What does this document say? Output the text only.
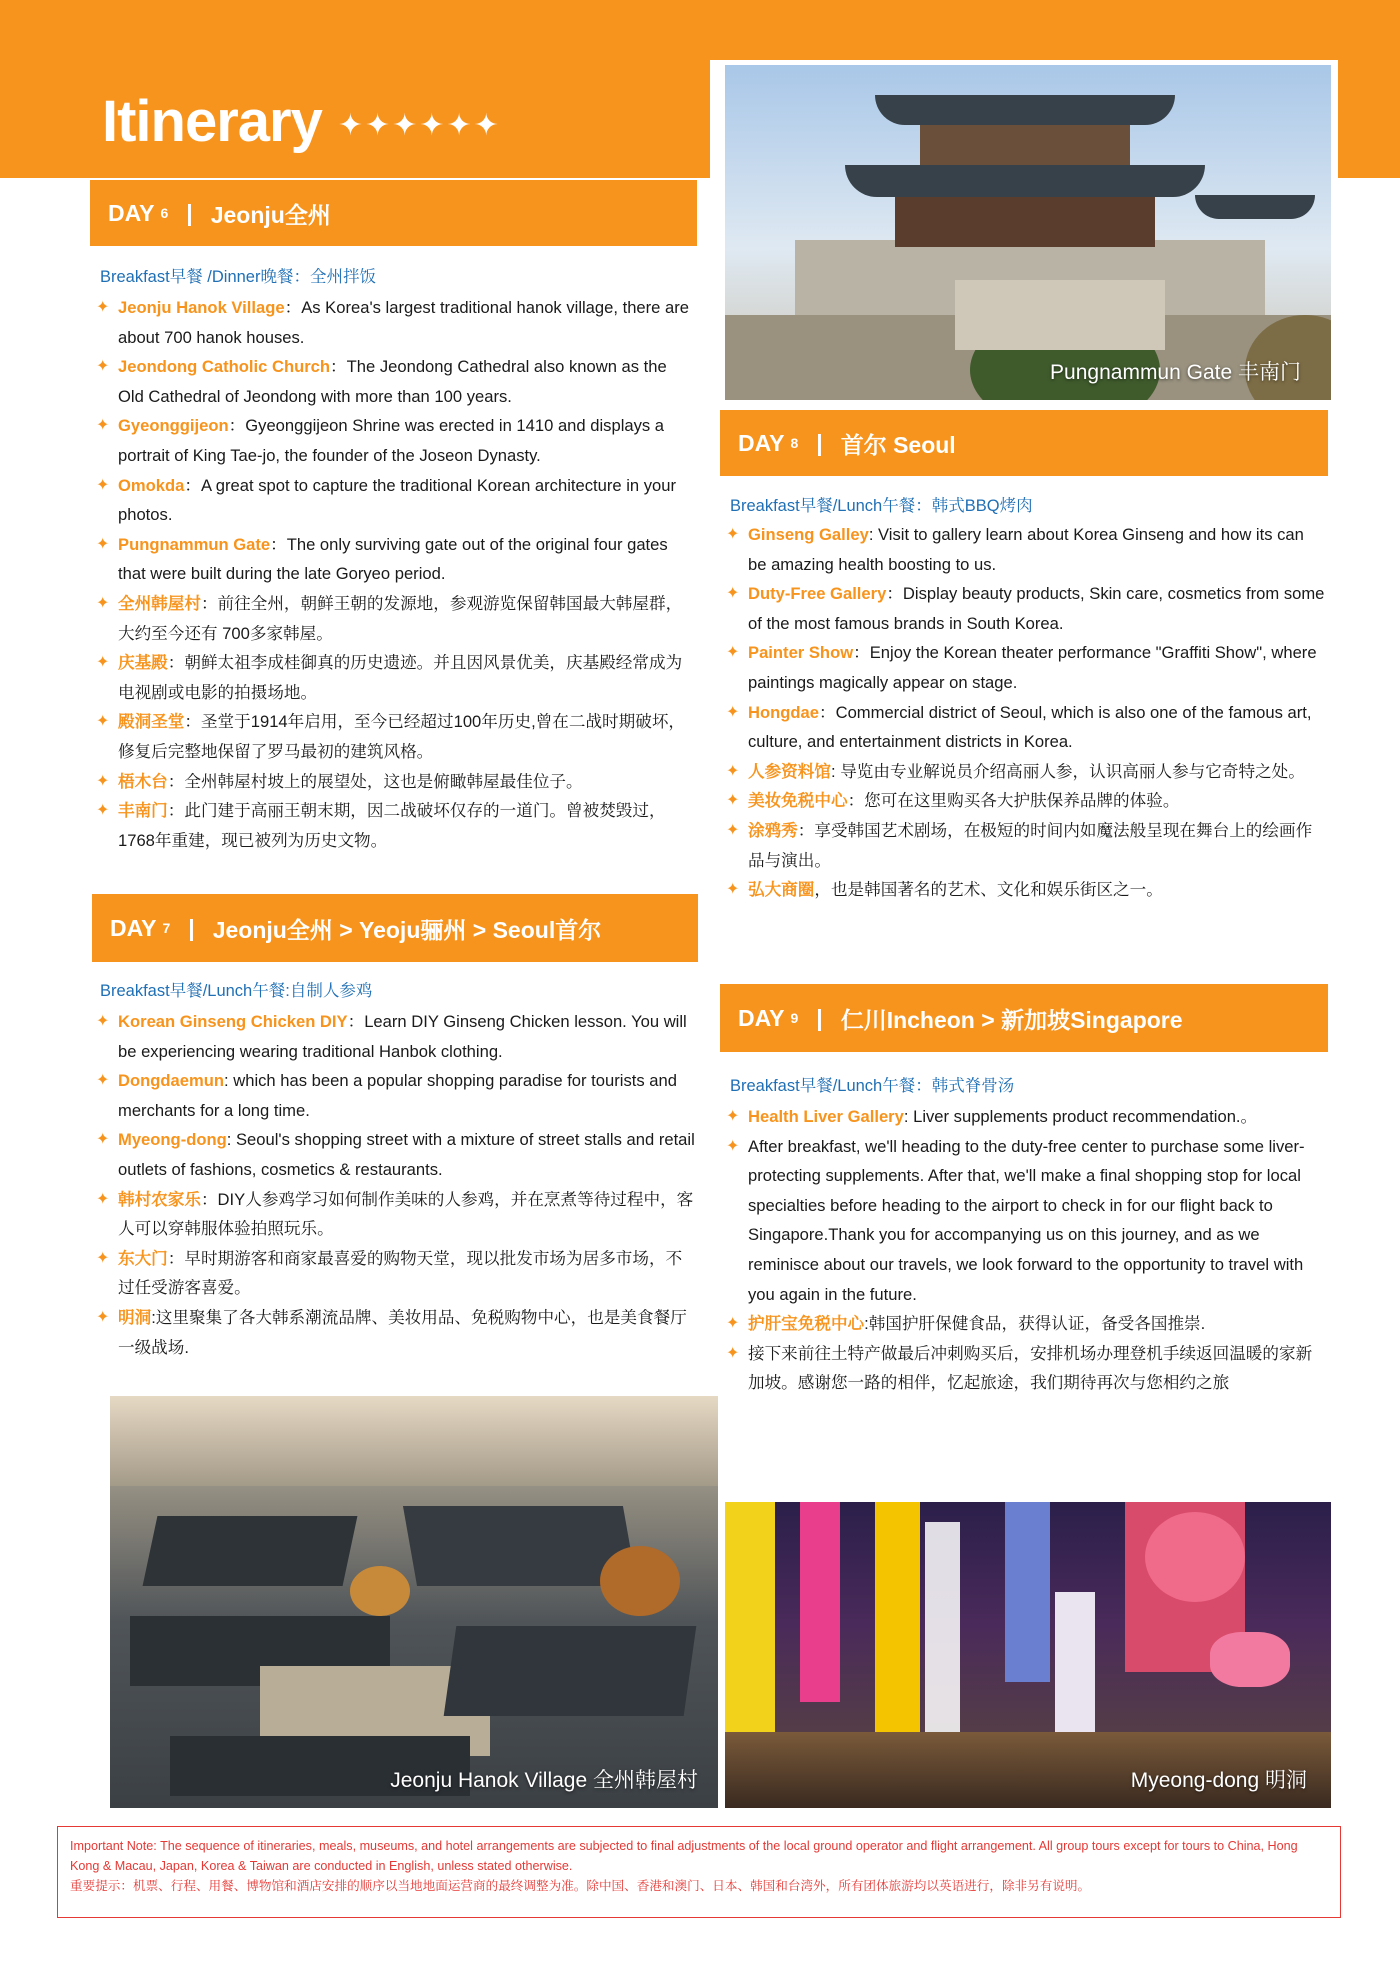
Itinerary ✦✦✦✦✦✦
Pungnammun Gate 丰南门
DAY 6 | Jeonju全州
Breakfast早餐 /Dinner晚餐：全州拌饭
✦ Jeonju Hanok Village：As Korea's largest traditional hanok village, there are about 700 hanok houses.
✦ Jeondong Catholic Church：The Jeondong Cathedral also known as the Old Cathedral of Jeondong with more than 100 years.
✦ Gyeonggijeon：Gyeonggijeon Shrine was erected in 1410 and displays a portrait of King Tae-jo, the founder of the Joseon Dynasty.
✦ Omokda：A great spot to capture the traditional Korean architecture in your photos.
✦ Pungnammun Gate：The only surviving gate out of the original four gates that were built during the late Goryeo period.
✦ 全州韩屋村：前往全州，朝鲜王朝的发源地，参观游览保留韩国最大韩屋群，大约至今还有 700多家韩屋。
✦ 庆基殿：朝鲜太祖李成桂御真的历史遗迹。并且因风景优美，庆基殿经常成为电视剧或电影的拍摄场地。
✦ 殿洞圣堂：圣堂于1914年启用，至今已经超过100年历史,曾在二战时期破坏，修复后完整地保留了罗马最初的建筑风格。
✦ 梧木台：全州韩屋村坡上的展望处，这也是俯瞰韩屋最佳位子。
✦ 丰南门：此门建于高丽王朝末期，因二战破坏仅存的一道门。曾被焚毁过，1768年重建，现已被列为历史文物。
DAY 8 | 首尔 Seoul
Breakfast早餐/Lunch午餐：韩式BBQ烤肉
✦ Ginseng Galley: Visit to gallery learn about Korea Ginseng and how its can be amazing health boosting to us.
✦ Duty-Free Gallery：Display beauty products, Skin care, cosmetics from some of the most famous brands in South Korea.
✦ Painter Show：Enjoy the Korean theater performance "Graffiti Show", where paintings magically appear on stage.
✦ Hongdae：Commercial district of Seoul, which is also one of the famous art, culture, and entertainment districts in Korea.
✦ 人参资料馆: 导览由专业解说员介绍高丽人参，认识高丽人参与它奇特之处。
✦ 美妆免税中心：您可在这里购买各大护肤保养品牌的体验。
✦ 涂鸦秀：享受韩国艺术剧场，在极短的时间内如魔法般呈现在舞台上的绘画作品与演出。
✦ 弘大商圈，也是韩国著名的艺术、文化和娱乐街区之一。
DAY 7 | Jeonju全州 > Yeoju骊州 > Seoul首尔
Breakfast早餐/Lunch午餐:自制人参鸡
✦ Korean Ginseng Chicken DIY：Learn DIY Ginseng Chicken lesson. You will be experiencing wearing traditional Hanbok clothing.
✦ Dongdaemun: which has been a popular shopping paradise for tourists and merchants for a long time.
✦ Myeong-dong: Seoul's shopping street with a mixture of street stalls and retail outlets of fashions, cosmetics & restaurants.
✦ 韩村农家乐：DIY人参鸡学习如何制作美味的人参鸡，并在烹煮等待过程中，客人可以穿韩服体验拍照玩乐。
✦ 东大门：早时期游客和商家最喜爱的购物天堂，现以批发市场为居多市场，不过任受游客喜爱。
✦ 明洞:这里聚集了各大韩系潮流品牌、美妆用品、免税购物中心，也是美食餐厅一级战场.
DAY 9 | 仁川Incheon > 新加坡Singapore
Breakfast早餐/Lunch午餐：韩式脊骨汤
✦ Health Liver Gallery: Liver supplements product recommendation.。
✦ After breakfast, we'll heading to the duty-free center to purchase some liver-protecting supplements. After that, we'll make a final shopping stop for local specialties before heading to the airport to check in for our flight back to Singapore.Thank you for accompanying us on this journey, and as we reminisce about our travels, we look forward to the opportunity to travel with you again in the future.
✦ 护肝宝免税中心:韩国护肝保健食品，获得认证，备受各国推崇.
✦ 接下来前往土特产做最后冲刺购买后，安排机场办理登机手续返回温暖的家新加坡。感谢您一路的相伴，忆起旅途，我们期待再次与您相约之旅
Jeonju Hanok Village 全州韩屋村	Myeong-dong 明洞
Important Note: The sequence of itineraries, meals, museums, and hotel arrangements are subjected to final adjustments of the local ground operator and flight arrangement. All group tours except for tours to China, Hong Kong & Macau, Japan, Korea & Taiwan are conducted in English, unless stated otherwise.
重要提示：机票、行程、用餐、博物馆和酒店安排的顺序以当地地面运营商的最终调整为准。除中国、香港和澳门、日本、韩国和台湾外，所有团体旅游均以英语进行，除非另有说明。
